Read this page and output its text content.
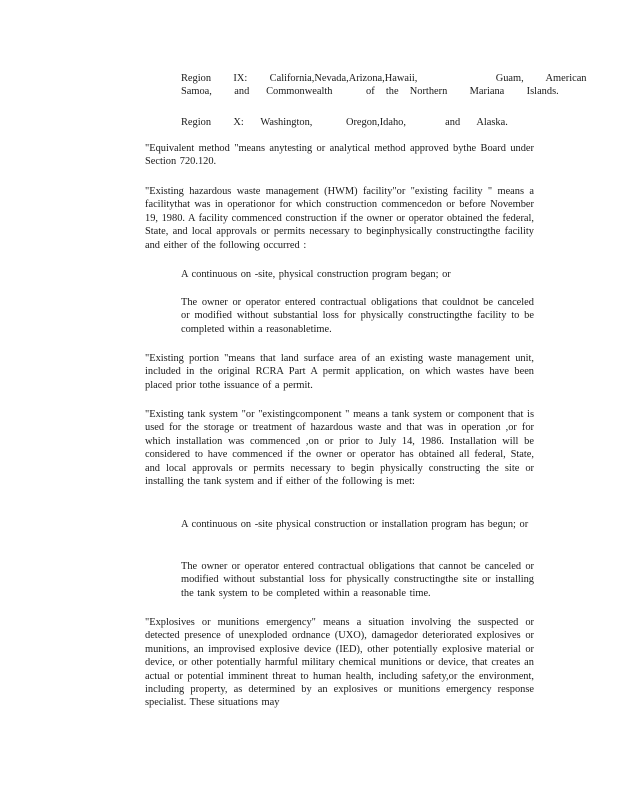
Region    IX:    California,Nevada,Arizona,Hawaii,              Guam,    American
Samoa,    and   Commonwealth      of  the  Northern    Mariana    Islands.
Region    X:   Washington,      Oregon,Idaho,       and   Alaska.

"Equivalent method "means anytesting or analytical method approved bythe Board under Section 720.120.

"Existing hazardous waste management (HWM) facility"or "existing facility " means a facilitythat was in operationor for which construction commencedon or before November 19, 1980. A facility commenced construction if the owner or operator obtained the federal, State, and local approvals or permits necessary to beginphysically constructingthe facility and either of the following occurred :

A continuous on -site, physical construction program began; or

The owner or operator entered contractual obligations that couldnot be canceled or modified without substantial loss for physically constructingthe facility to be completed within a reasonabletime.

"Existing portion "means that land surface area of an existing waste management unit, included in the original RCRA Part A permit application, on which wastes have been placed prior tothe issuance of a permit.

"Existing tank system "or "existingcomponent " means a tank system or component that is used for the storage or treatment of hazardous waste and that was in operation ,or for which installation was commenced ,on or prior to July 14, 1986. Installation will be considered to have commenced if the owner or operator has obtained all federal, State, and local approvals or permits necessary to begin physically constructing the site or installing the tank system and if either of the following is met:

A continuous on -site physical construction or installation program has begun; or

The owner or operator entered contractual obligations that cannot be canceled or modified without substantial loss for physically constructingthe site or installing the tank system to be completed within a reasonable time.

"Explosives or munitions emergency" means a situation involving the suspected or detected presence of unexploded ordnance (UXO), damagedor deteriorated explosives or munitions, an improvised explosive device (IED), other potentially explosive material or device, or other potentially harmful military chemical munitions or device, that creates an actual or potential imminent threat to human health, including safety,or the environment, including property, as determined by an explosives or munitions emergency response specialist. These situations may
